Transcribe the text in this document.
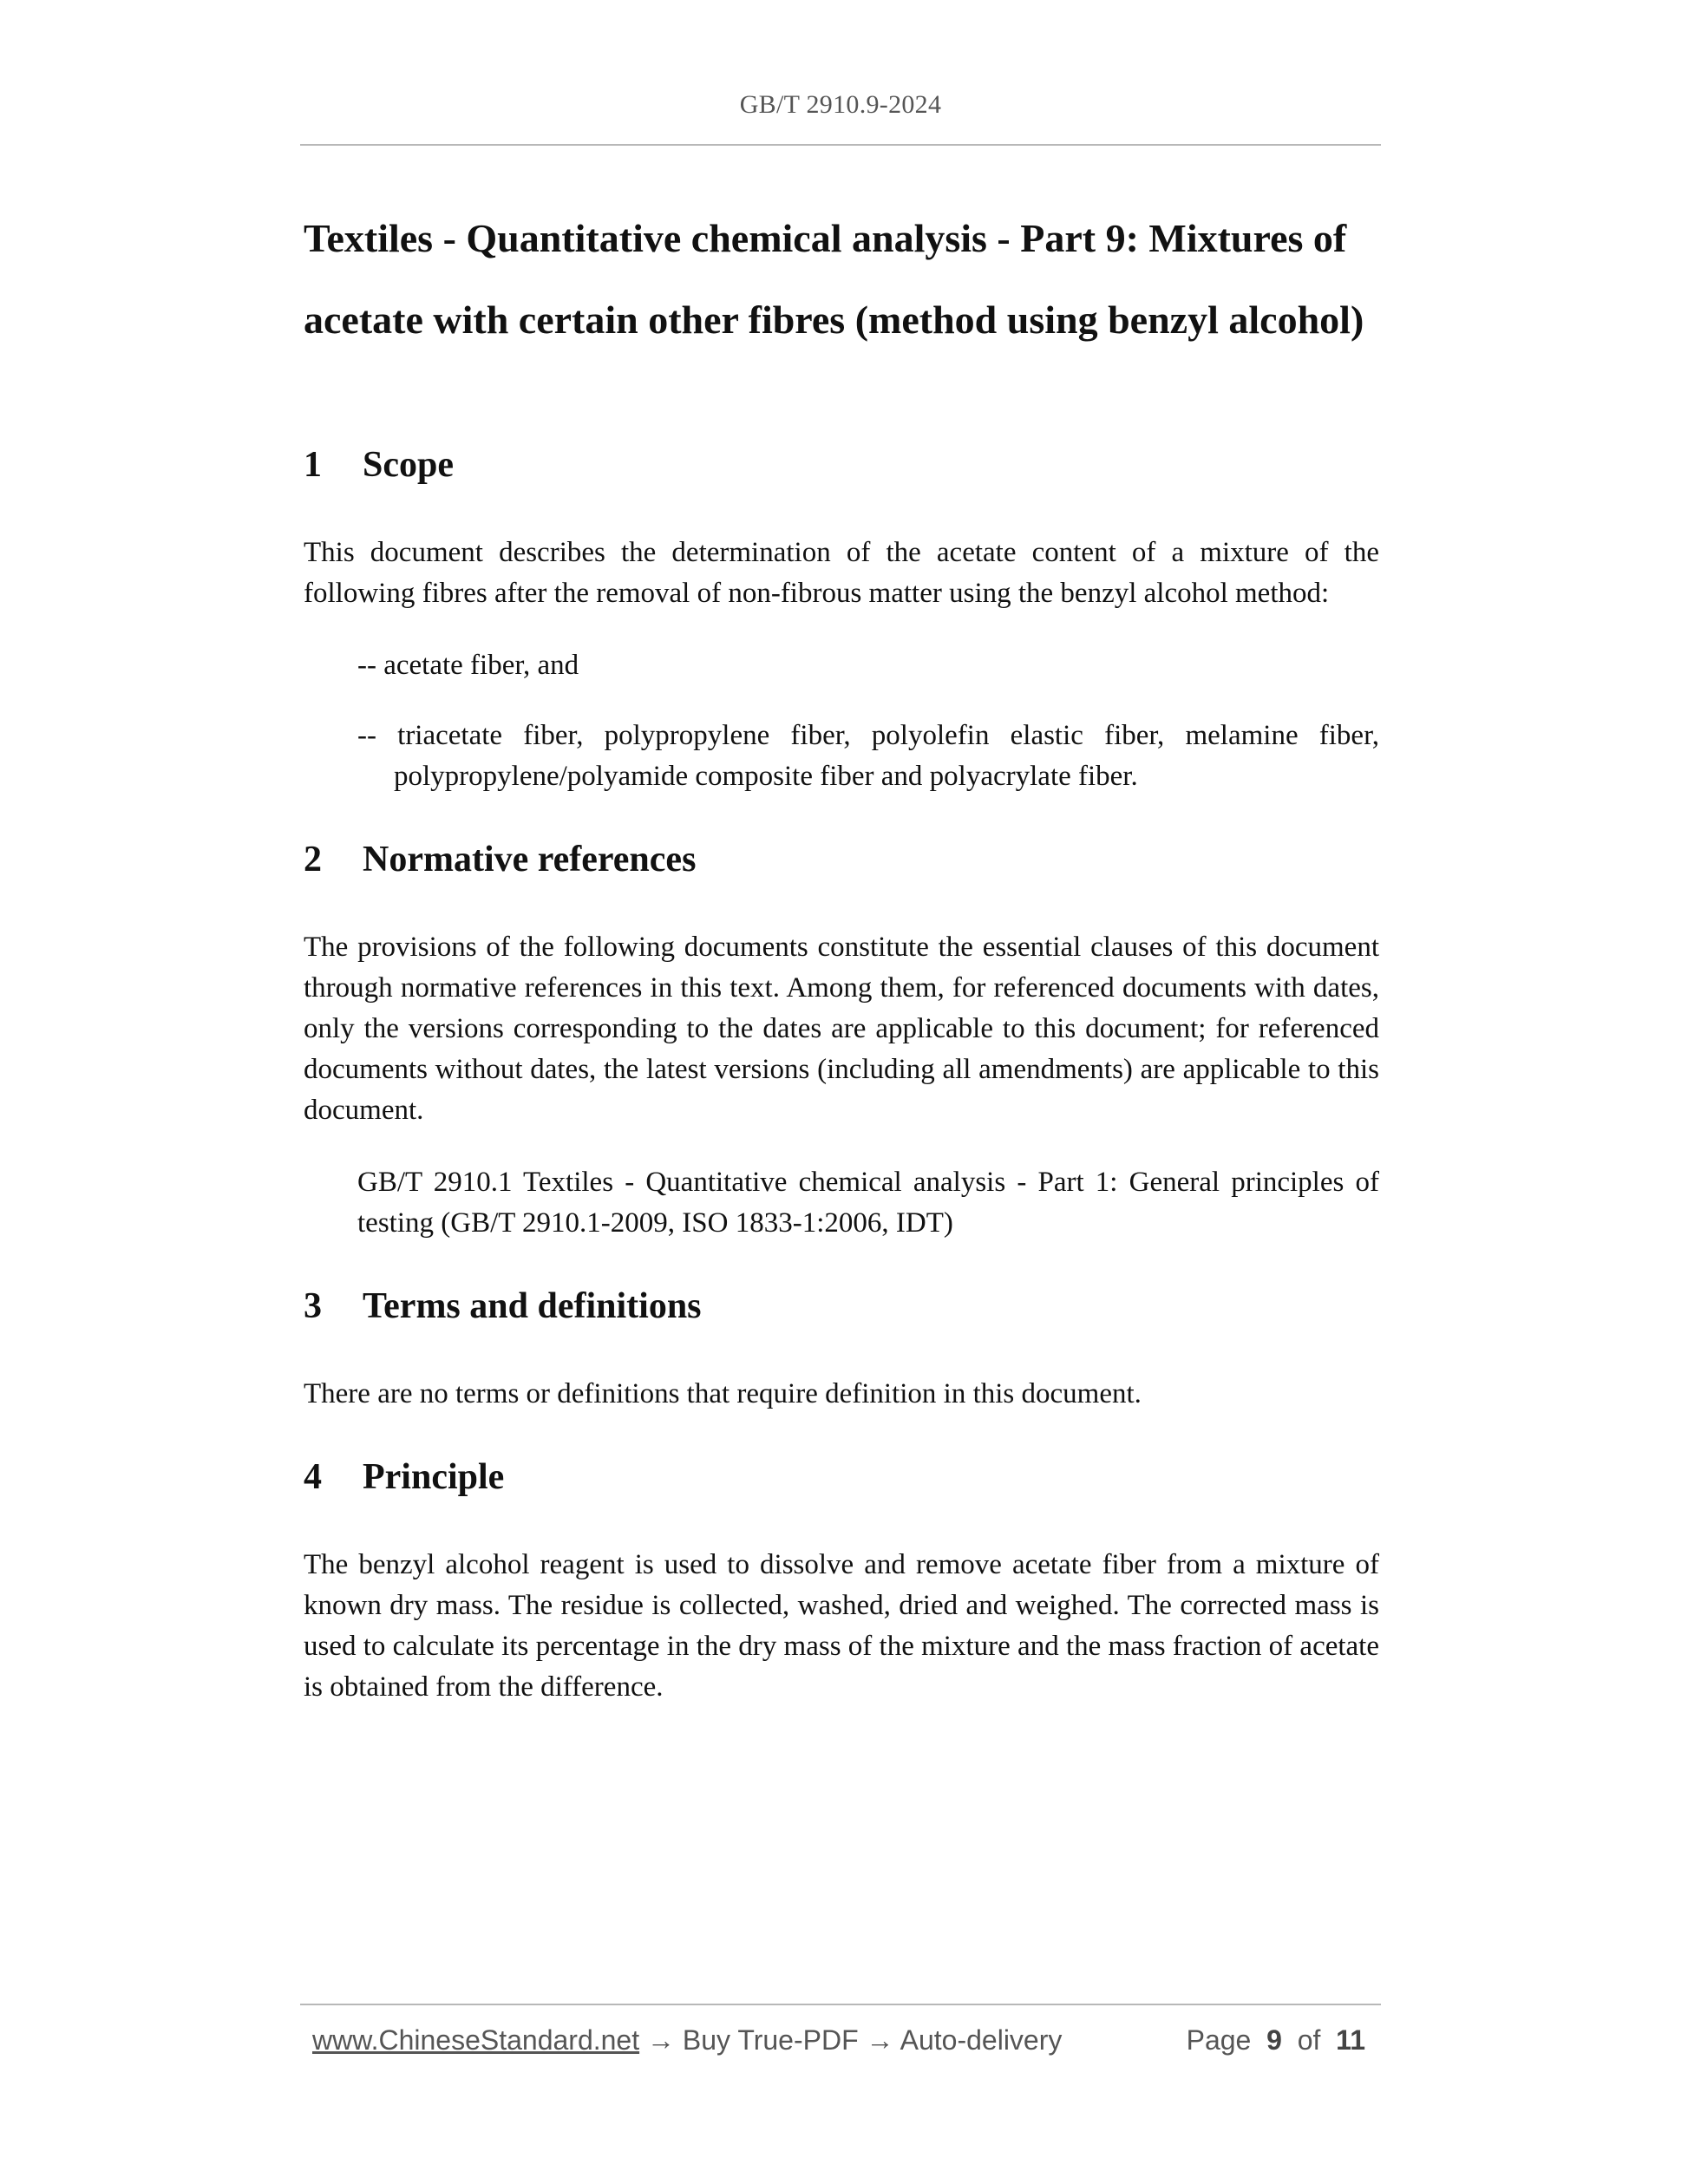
GB/T 2910.9-2024
Textiles - Quantitative chemical analysis - Part 9: Mixtures of acetate with certain other fibres (method using benzyl alcohol)
1	Scope

This document describes the determination of the acetate content of a mixture of the following fibres after the removal of non-fibrous matter using the benzyl alcohol method:

-- acetate fiber, and

-- triacetate fiber, polypropylene fiber, polyolefin elastic fiber, melamine fiber, polypropylene/polyamide composite fiber and polyacrylate fiber.

2	Normative references

The provisions of the following documents constitute the essential clauses of this document through normative references in this text. Among them, for referenced documents with dates, only the versions corresponding to the dates are applicable to this document; for referenced documents without dates, the latest versions (including all amendments) are applicable to this document.

GB/T 2910.1 Textiles - Quantitative chemical analysis - Part 1: General principles of testing (GB/T 2910.1-2009, ISO 1833-1:2006, IDT)

3	Terms and definitions

There are no terms or definitions that require definition in this document.

4	Principle

The benzyl alcohol reagent is used to dissolve and remove acetate fiber from a mixture of known dry mass. The residue is collected, washed, dried and weighed. The corrected mass is used to calculate its percentage in the dry mass of the mixture and the mass fraction of acetate is obtained from the difference.

www.ChineseStandard.net → Buy True-PDF → Auto-delivery	Page 9 of 11
